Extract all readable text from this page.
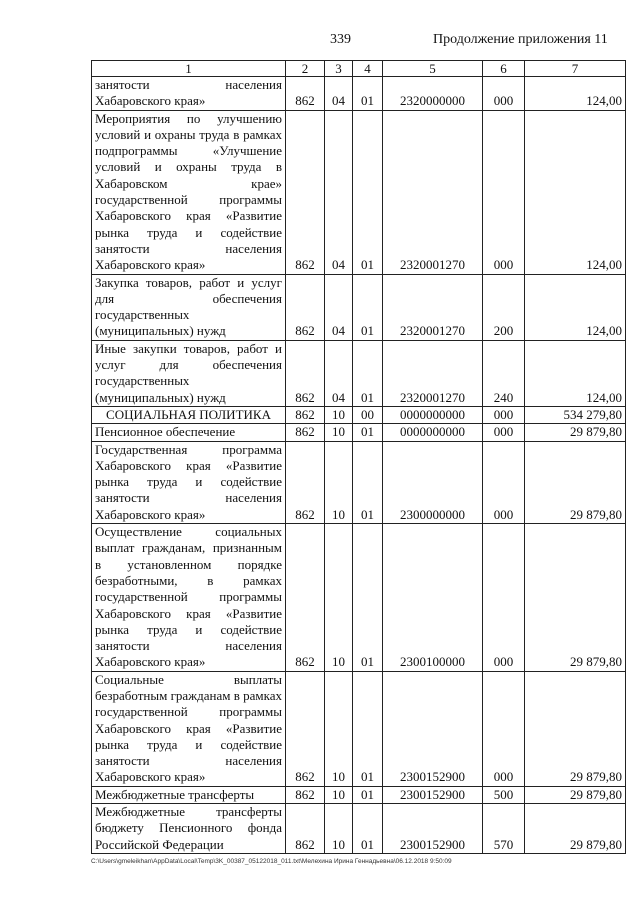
339	Продолжение приложения 11
1	2	3	4	5	6	7
занятости населения Хабаровского края»	862	04	01	2320000000	000	124,00
Мероприятия по улучшению условий и охраны труда в рамках подпрограммы «Улучшение условий и охраны труда в Хабаровском крае» государственной программы Хабаровского края «Развитие рынка труда и содействие занятости населения Хабаровского края»	862	04	01	2320001270	000	124,00
Закупка товаров, работ и услуг для обеспечения государственных (муниципальных) нужд	862	04	01	2320001270	200	124,00
Иные закупки товаров, работ и услуг для обеспечения государственных (муниципальных) нужд	862	04	01	2320001270	240	124,00
СОЦИАЛЬНАЯ ПОЛИТИКА	862	10	00	0000000000	000	534 279,80
Пенсионное обеспечение	862	10	01	0000000000	000	29 879,80
Государственная программа Хабаровского края «Развитие рынка труда и содействие занятости населения Хабаровского края»	862	10	01	2300000000	000	29 879,80
Осуществление социальных выплат гражданам, признанным в установленном порядке безработными, в рамках государственной программы Хабаровского края «Развитие рынка труда и содействие занятости населения Хабаровского края»	862	10	01	2300100000	000	29 879,80
Социальные выплаты безработным гражданам в рамках государственной программы Хабаровского края «Развитие рынка труда и содействие занятости населения Хабаровского края»	862	10	01	2300152900	000	29 879,80
Межбюджетные трансферты	862	10	01	2300152900	500	29 879,80
Межбюджетные трансферты бюджету Пенсионного фонда Российской Федерации	862	10	01	2300152900	570	29 879,80
C:\Users\gmeleikhan\AppData\Local\Temp\3K_00387_05122018_011.txt\Мелехина Ирина Геннадьевна\06.12.2018 9:50:09
